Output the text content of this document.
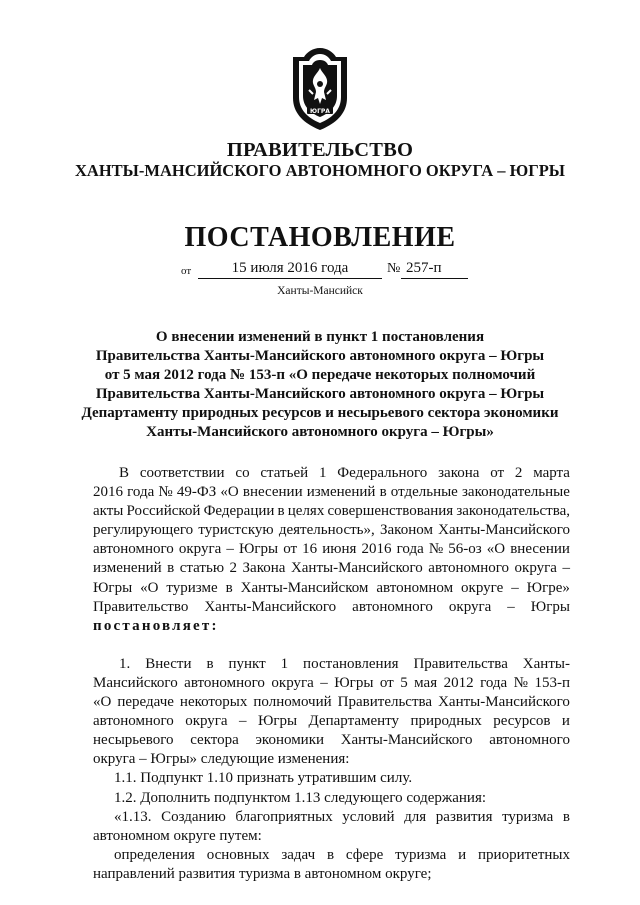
ЮГРА
ПРАВИТЕЛЬСТВО
ХАНТЫ-МАНСИЙСКОГО АВТОНОМНОГО ОКРУГА – ЮГРЫ
ПОСТАНОВЛЕНИЕ
от	15 июля 2016 года	№ 257-п
Ханты-Мансийск
О внесении изменений в пункт 1 постановления
Правительства Ханты-Мансийского автономного округа – Югры
от 5 мая 2012 года № 153-п «О передаче некоторых полномочий
Правительства Ханты-Мансийского автономного округа – Югры
Департаменту природных ресурсов и несырьевого сектора экономики
Ханты-Мансийского автономного округа – Югры»
В соответствии со статьей 1 Федерального закона от 2 марта
2016 года № 49-ФЗ «О внесении изменений в отдельные законодательные
акты Российской Федерации в целях совершенствования законодательства,
регулирующего туристскую деятельность», Законом Ханты-Мансийского
автономного округа – Югры от 16 июня 2016 года № 56-оз «О внесении
изменений в статью 2 Закона Ханты-Мансийского автономного округа –
Югры «О туризме в Ханты-Мансийском автономном округе – Югре»
Правительство Ханты-Мансийского автономного округа – Югры
постановляет:
1. Внести в пункт 1 постановления Правительства Ханты-
Мансийского автономного округа – Югры от 5 мая 2012 года № 153-п
«О передаче некоторых полномочий Правительства Ханты-Мансийского
автономного округа – Югры Департаменту природных ресурсов и
несырьевого сектора экономики Ханты-Мансийского автономного
округа – Югры» следующие изменения:
1.1. Подпункт 1.10 признать утратившим силу.
1.2. Дополнить подпунктом 1.13 следующего содержания:
«1.13. Созданию благоприятных условий для развития туризма в
автономном округе путем:
определения основных задач в сфере туризма и приоритетных
направлений развития туризма в автономном округе;
